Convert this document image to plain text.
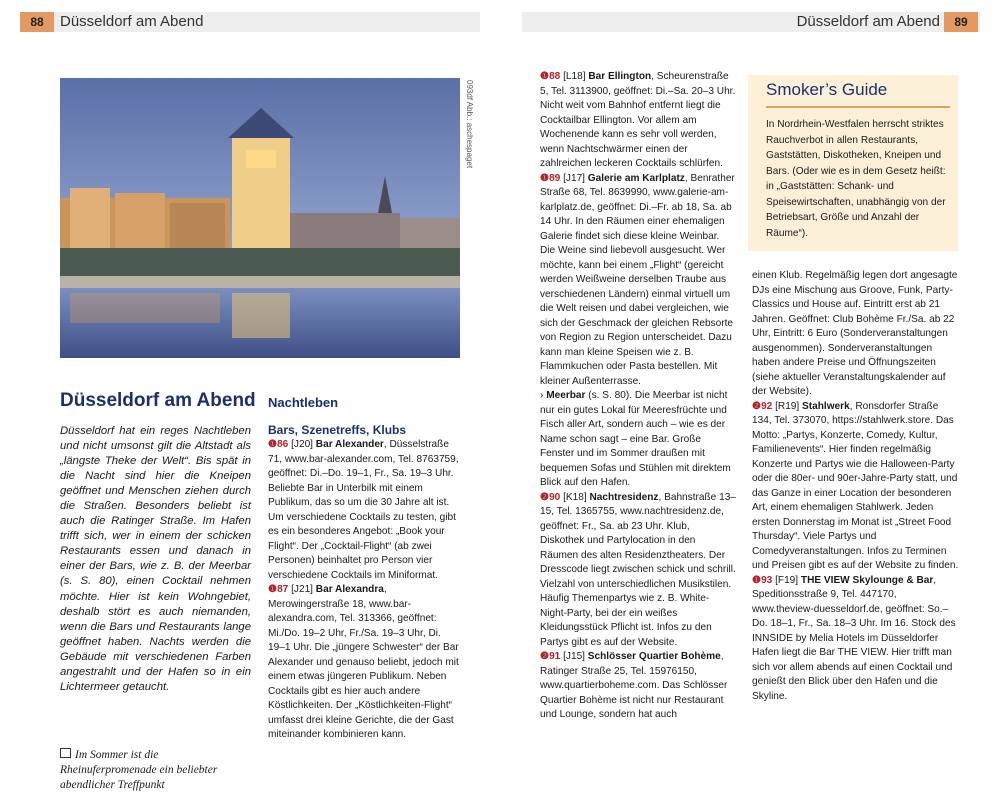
88	Düsseldorf am Abend	Düsseldorf am Abend	89
093df Abb.: aschespaget
Düsseldorf am Abend
Düsseldorf hat ein reges Nachtleben und nicht umsonst gilt die Altstadt als „längste Theke der Welt“. Bis spät in die Nacht sind hier die Kneipen geöffnet und Menschen ziehen durch die Straßen. Besonders beliebt ist auch die Ratinger Straße. Im Hafen trifft sich, wer in einem der schicken Restaurants essen und danach in einer der Bars, wie z. B. der Meerbar (s. S. 80), einen Cocktail nehmen möchte. Hier ist kein Wohngebiet, deshalb stört es auch niemanden, wenn die Bars und Restaurants lange geöffnet haben. Nachts werden die Gebäude mit verschiedenen Farben angestrahlt und der Hafen so in ein Lichtermeer getaucht.
Im Sommer ist die Rheinuferpromenade ein beliebter abendlicher Treffpunkt
Nachtleben
Bars, Szenetreffs, Klubs

❶86 [J20] Bar Alexander, Düsselstraße 71, www.bar-alexander.com, Tel. 8763759, geöffnet: Di.–Do. 19–1, Fr., Sa. 19–3 Uhr. Beliebte Bar in Unterbilk mit einem Publikum, das so um die 30 Jahre alt ist. Um verschiedene Cocktails zu testen, gibt es ein besonderes Angebot: „Book your Flight“. Der „Cocktail-Flight“ (ab zwei Personen) beinhaltet pro Person vier verschiedene Cocktails im Miniformat.

❶87 [J21] Bar Alexandra, Merowingerstraße 18, www.bar-alexandra.com, Tel. 313366, geöffnet: Mi./Do. 19–2 Uhr, Fr./Sa. 19–3 Uhr, Di. 19–1 Uhr. Die „jüngere Schwester“ der Bar Alexander und genauso beliebt, jedoch mit einem etwas jüngeren Publikum. Neben Cocktails gibt es hier auch andere Köstlichkeiten. Der „Köstlichkeiten-Flight“ umfasst drei kleine Gerichte, die der Gast miteinander kombinieren kann.

❶88 [L18] Bar Ellington, Scheurenstraße 5, Tel. 3113900, geöffnet: Di.–Sa. 20–3 Uhr. Nicht weit vom Bahnhof entfernt liegt die Cocktailbar Ellington. Vor allem am Wochenende kann es sehr voll werden, wenn Nachtschwärmer einen der zahlreichen leckeren Cocktails schlürfen.

❶89 [J17] Galerie am Karlplatz, Benrather Straße 68, Tel. 8639990, www.galerie-am-karlplatz.de, geöffnet: Di.–Fr. ab 18, Sa. ab 14 Uhr. In den Räumen einer ehemaligen Galerie findet sich diese kleine Weinbar. Die Weine sind liebevoll ausgesucht. Wer möchte, kann bei einem „Flight“ (gereicht werden Weißweine derselben Traube aus verschiedenen Ländern) einmal virtuell um die Welt reisen und dabei vergleichen, wie sich der Geschmack der gleichen Rebsorte von Region zu Region unterscheidet. Dazu kann man kleine Speisen wie z. B. Flammkuchen oder Pasta bestellen. Mit kleiner Außenterrasse.

› Meerbar (s. S. 80). Die Meerbar ist nicht nur ein gutes Lokal für Meeresfrüchte und Fisch aller Art, sondern auch – wie es der Name schon sagt – eine Bar. Große Fenster und im Sommer draußen mit bequemen Sofas und Stühlen mit direktem Blick auf den Hafen.

❷90 [K18] Nachtresidenz, Bahnstraße 13–15, Tel. 1365755, www.nachtresidenz.de, geöffnet: Fr., Sa. ab 23 Uhr. Klub, Diskothek und Partylocation in den Räumen des alten Residenztheaters. Der Dresscode liegt zwischen schick und schrill. Vielzahl von unterschiedlichen Musikstilen. Häufig Themenpartys wie z. B. White-Night-Party, bei der ein weißes Kleidungsstück Pflicht ist. Infos zu den Partys gibt es auf der Website.

❷91 [J15] Schlösser Quartier Bohème, Ratinger Straße 25, Tel. 15976150, www.quartierboheme.com. Das Schlösser Quartier Bohème ist nicht nur Restaurant und Lounge, sondern hat auch

Smoker’s Guide
In Nordrhein-Westfalen herrscht striktes Rauchverbot in allen Restaurants, Gaststätten, Diskotheken, Kneipen und Bars. (Oder wie es in dem Gesetz heißt: in „Gaststätten: Schank- und Speisewirtschaften, unabhängig von der Betriebsart, Größe und Anzahl der Räume“).

einen Klub. Regelmäßig legen dort angesagte DJs eine Mischung aus Groove, Funk, Party-Classics und House auf. Eintritt erst ab 21 Jahren. Geöffnet: Club Bohème Fr./Sa. ab 22 Uhr, Eintritt: 6 Euro (Sonderveranstaltungen ausgenommen). Sonderveranstaltungen haben andere Preise und Öffnungszeiten (siehe aktueller Veranstaltungskalender auf der Website).

❷92 [R19] Stahlwerk, Ronsdorfer Straße 134, Tel. 373070, https://stahlwerk.store. Das Motto: „Partys, Konzerte, Comedy, Kultur, Familienevents“. Hier finden regelmäßig Konzerte und Partys wie die Halloween-Party oder die 80er- und 90er-Jahre-Party statt, und das Ganze in einer Location der besonderen Art, einem ehemaligen Stahlwerk. Jeden ersten Donnerstag im Monat ist „Street Food Thursday“. Viele Partys und Comedyveranstaltungen. Infos zu Terminen und Preisen gibt es auf der Website zu finden.

❶93 [F19] THE VIEW Skylounge & Bar, Speditionsstraße 9, Tel. 447170, www.theview-duesseldorf.de, geöffnet: So.–Do. 18–1, Fr., Sa. 18–3 Uhr. Im 16. Stock des INNSIDE by Melia Hotels im Düsseldorfer Hafen liegt die Bar THE VIEW. Hier trifft man sich vor allem abends auf einen Cocktail und genießt den Blick über den Hafen und die Skyline.
